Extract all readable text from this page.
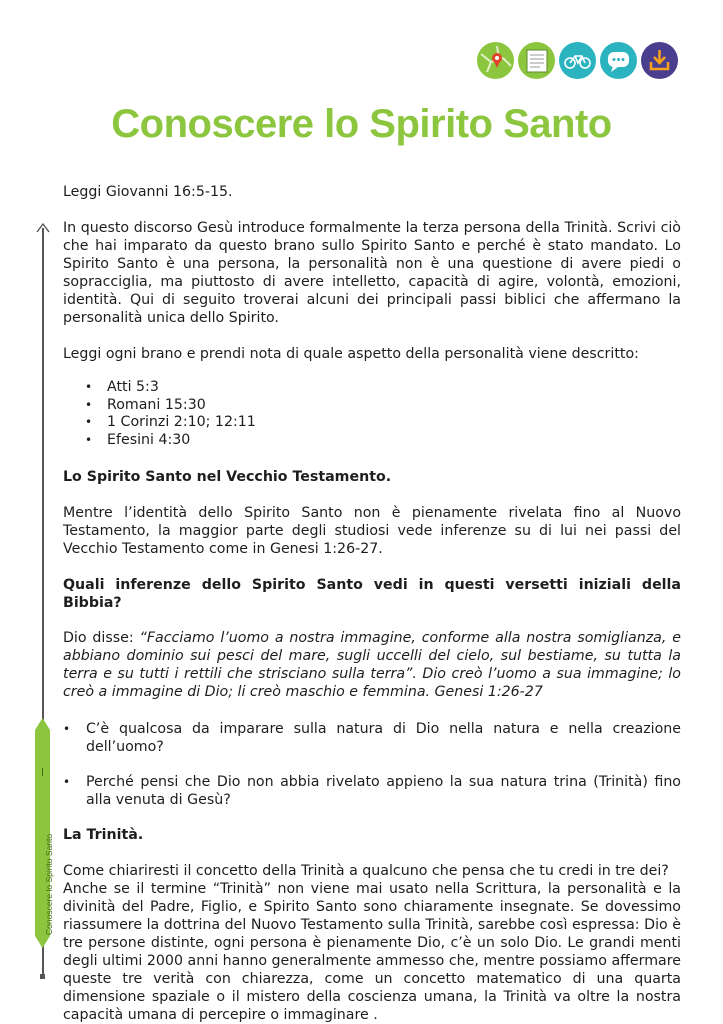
Conoscere lo Spirito Santo
Conoscere lo Spirito Santo

Leggi Giovanni 16:5-15.

In questo discorso Gesù introduce formalmente la terza persona della Trinità. Scrivi ciò che hai imparato da questo brano sullo Spirito Santo e perché è stato mandato. Lo Spirito Santo è una persona, la personalità non è una questione di avere piedi o sopracciglia, ma piuttosto di avere intelletto, capacità di agire, volontà, emozioni, identità. Qui di seguito troverai alcuni dei principali passi biblici che affermano la personalità unica dello Spirito.

Leggi ogni brano e prendi nota di quale aspetto della personalità viene descritto:

• Atti 5:3
• Romani 15:30
• 1 Corinzi 2:10; 12:11
• Efesini 4:30

Lo Spirito Santo nel Vecchio Testamento.

Mentre l’identità dello Spirito Santo non è pienamente rivelata fino al Nuovo Testamento, la maggior parte degli studiosi vede inferenze su di lui nei passi del Vecchio Testamento come in Genesi 1:26-27.

Quali inferenze dello Spirito Santo vedi in questi versetti iniziali della Bibbia?

Dio disse: “Facciamo l’uomo a nostra immagine, conforme alla nostra somiglianza, e abbiano dominio sui pesci del mare, sugli uccelli del cielo, sul bestiame, su tutta la terra e su tutti i rettili che strisciano sulla terra”. Dio creò l’uomo a sua immagine; lo creò a immagine di Dio; li creò maschio e femmina. Genesi 1:26-27

• C’è qualcosa da imparare sulla natura di Dio nella natura e nella creazione dell’uomo?
• Perché pensi che Dio non abbia rivelato appieno la sua natura trina (Trinità) fino alla venuta di Gesù?

La Trinità.

Come chiariresti il concetto della Trinità a qualcuno che pensa che tu credi in tre dei?

Anche se il termine “Trinità” non viene mai usato nella Scrittura, la personalità e la divinità del Padre, Figlio, e Spirito Santo sono chiaramente insegnate. Se dovessimo riassumere la dottrina del Nuovo Testamento sulla Trinità, sarebbe così espressa: Dio è tre persone distinte, ogni persona è pienamente Dio, c’è un solo Dio. Le grandi menti degli ultimi 2000 anni hanno generalmente ammesso che, mentre possiamo affermare queste tre verità con chiarezza, come un concetto matematico di una quarta dimensione spaziale o il mistero della coscienza umana, la Trinità va oltre la nostra capacità umana di percepire o immaginare .
